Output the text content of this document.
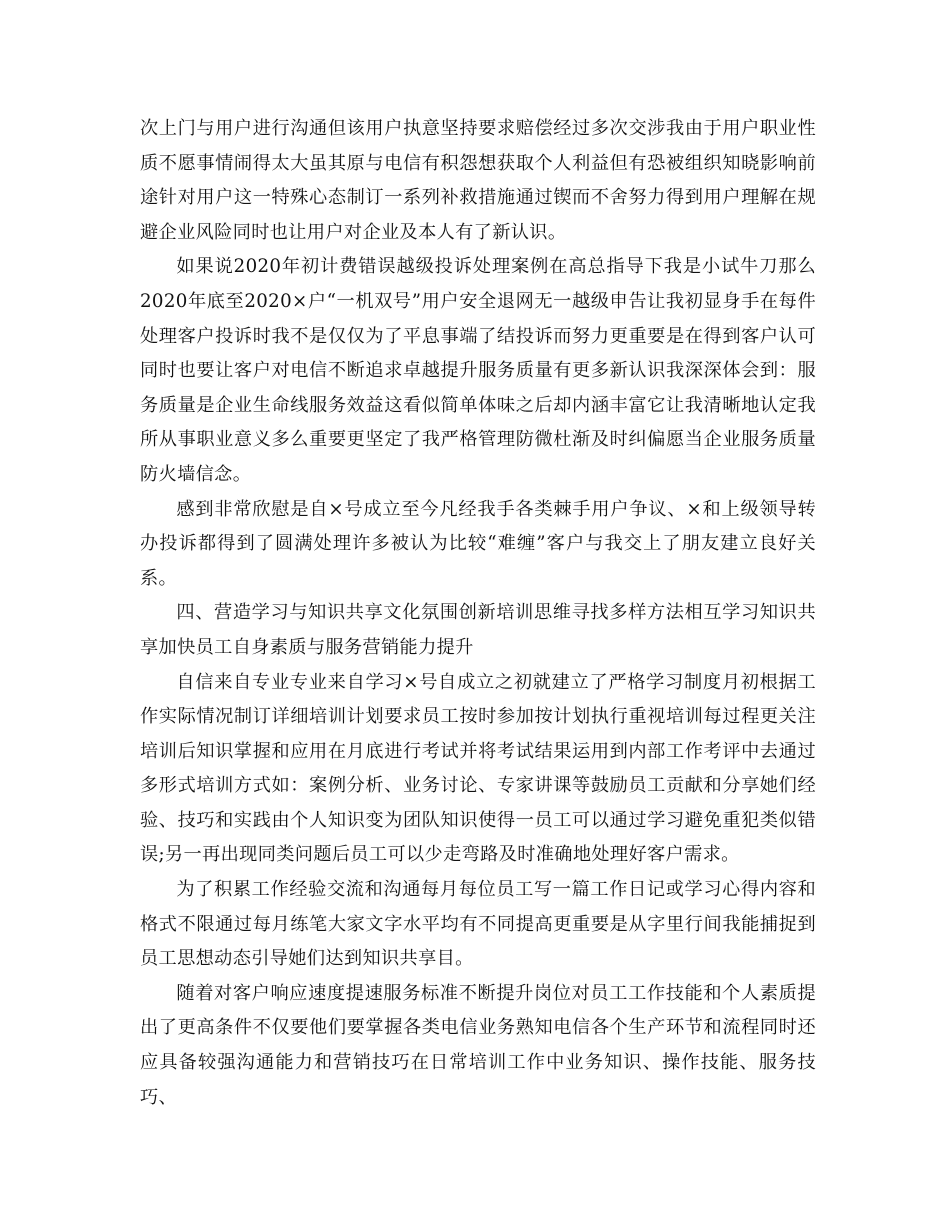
次上门与用户进行沟通但该用户执意坚持要求赔偿经过多次交涉我由于用户职业性质不愿事情闹得太大虽其原与电信有积怨想获取个人利益但有恐被组织知晓影响前途针对用户这一特殊心态制订一系列补救措施通过锲而不舍努力得到用户理解在规避企业风险同时也让用户对企业及本人有了新认识。

如果说2020年初计费错误越级投诉处理案例在高总指导下我是小试牛刀那么2020年底至2020×户“一机双号”用户安全退网无一越级申告让我初显身手在每件处理客户投诉时我不是仅仅为了平息事端了结投诉而努力更重要是在得到客户认可同时也要让客户对电信不断追求卓越提升服务质量有更多新认识我深深体会到：服务质量是企业生命线服务效益这看似简单体味之后却内涵丰富它让我清晰地认定我所从事职业意义多么重要更坚定了我严格管理防微杜渐及时纠偏愿当企业服务质量防火墙信念。

感到非常欣慰是自×号成立至今凡经我手各类棘手用户争议、×和上级领导转办投诉都得到了圆满处理许多被认为比较“难缠”客户与我交上了朋友建立良好关系。

四、营造学习与知识共享文化氛围创新培训思维寻找多样方法相互学习知识共享加快员工自身素质与服务营销能力提升

自信来自专业专业来自学习×号自成立之初就建立了严格学习制度月初根据工作实际情况制订详细培训计划要求员工按时参加按计划执行重视培训每过程更关注培训后知识掌握和应用在月底进行考试并将考试结果运用到内部工作考评中去通过多形式培训方式如：案例分析、业务讨论、专家讲课等鼓励员工贡献和分享她们经验、技巧和实践由个人知识变为团队知识使得一员工可以通过学习避免重犯类似错误;另一再出现同类问题后员工可以少走弯路及时准确地处理好客户需求。

为了积累工作经验交流和沟通每月每位员工写一篇工作日记或学习心得内容和格式不限通过每月练笔大家文字水平均有不同提高更重要是从字里行间我能捕捉到员工思想动态引导她们达到知识共享目。

随着对客户响应速度提速服务标准不断提升岗位对员工工作技能和个人素质提出了更高条件不仅要他们要掌握各类电信业务熟知电信各个生产环节和流程同时还应具备较强沟通能力和营销技巧在日常培训工作中业务知识、操作技能、服务技巧、
